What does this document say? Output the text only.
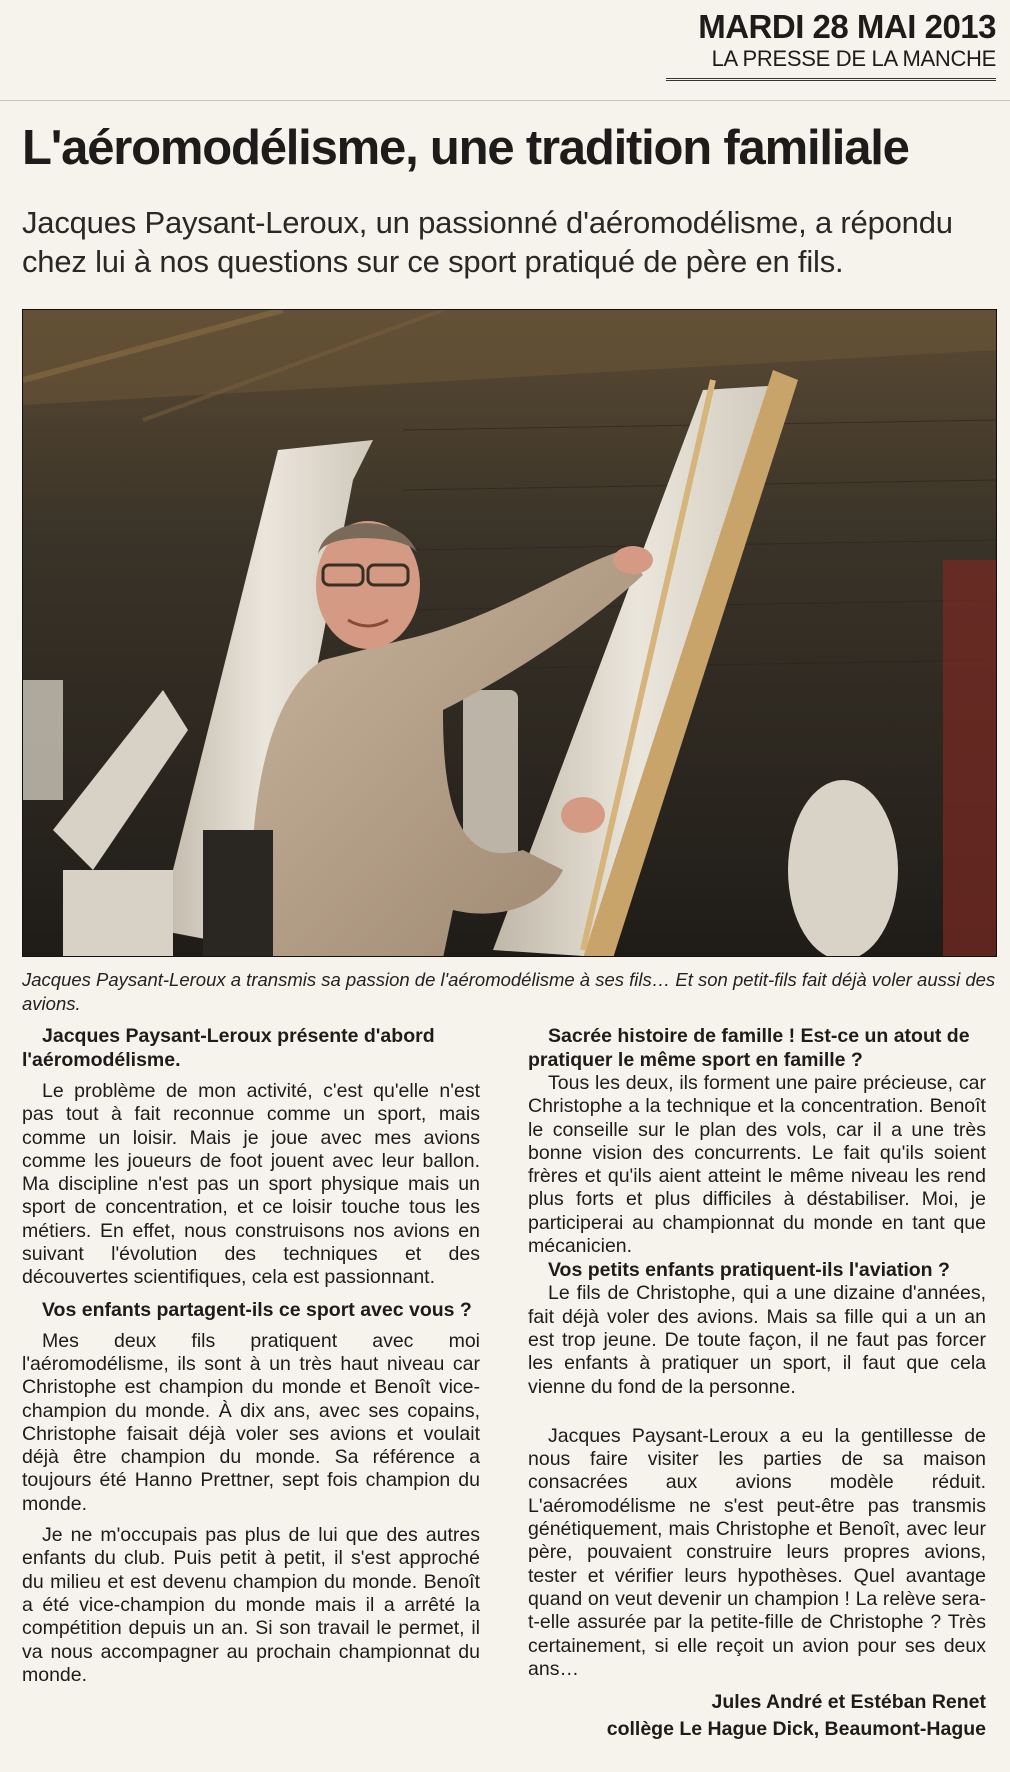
MARDI 28 MAI 2013
LA PRESSE DE LA MANCHE
L'aéromodélisme, une tradition familiale

Jacques Paysant-Leroux, un passionné d'aéromodélisme, a répondu chez lui à nos questions sur ce sport pratiqué de père en fils.

Jacques Paysant-Leroux a transmis sa passion de l'aéromodélisme à ses fils… Et son petit-fils fait déjà voler aussi des avions.

Jacques Paysant-Leroux présente d'abord l'aéromodélisme.
Le problème de mon activité, c'est qu'elle n'est pas tout à fait reconnue comme un sport, mais comme un loisir. Mais je joue avec mes avions comme les joueurs de foot jouent avec leur ballon. Ma discipline n'est pas un sport physique mais un sport de concentration, et ce loisir touche tous les métiers. En effet, nous construisons nos avions en suivant l'évolution des techniques et des découvertes scientifiques, cela est passionnant.
Vos enfants partagent-ils ce sport avec vous ?
Mes deux fils pratiquent avec moi l'aéromodélisme, ils sont à un très haut niveau car Christophe est champion du monde et Benoît vice-champion du monde. À dix ans, avec ses copains, Christophe faisait déjà voler ses avions et voulait déjà être champion du monde. Sa référence a toujours été Hanno Prettner, sept fois champion du monde.
Je ne m'occupais pas plus de lui que des autres enfants du club. Puis petit à petit, il s'est approché du milieu et est devenu champion du monde. Benoît a été vice-champion du monde mais il a arrêté la compétition depuis un an. Si son travail le permet, il va nous accompagner au prochain championnat du monde.
Sacrée histoire de famille ! Est-ce un atout de pratiquer le même sport en famille ?
Tous les deux, ils forment une paire précieuse, car Christophe a la technique et la concentration. Benoît le conseille sur le plan des vols, car il a une très bonne vision des concurrents. Le fait qu'ils soient frères et qu'ils aient atteint le même niveau les rend plus forts et plus difficiles à déstabiliser. Moi, je participerai au championnat du monde en tant que mécanicien.
Vos petits enfants pratiquent-ils l'aviation ?
Le fils de Christophe, qui a une dizaine d'années, fait déjà voler des avions. Mais sa fille qui a un an est trop jeune. De toute façon, il ne faut pas forcer les enfants à pratiquer un sport, il faut que cela vienne du fond de la personne.
Jacques Paysant-Leroux a eu la gentillesse de nous faire visiter les parties de sa maison consacrées aux avions modèle réduit. L'aéromodélisme ne s'est peut-être pas transmis génétiquement, mais Christophe et Benoît, avec leur père, pouvaient construire leurs propres avions, tester et vérifier leurs hypothèses. Quel avantage quand on veut devenir un champion ! La relève sera-t-elle assurée par la petite-fille de Christophe ? Très certainement, si elle reçoit un avion pour ses deux ans…
Jules André et Estéban Renet
collège Le Hague Dick, Beaumont-Hague
